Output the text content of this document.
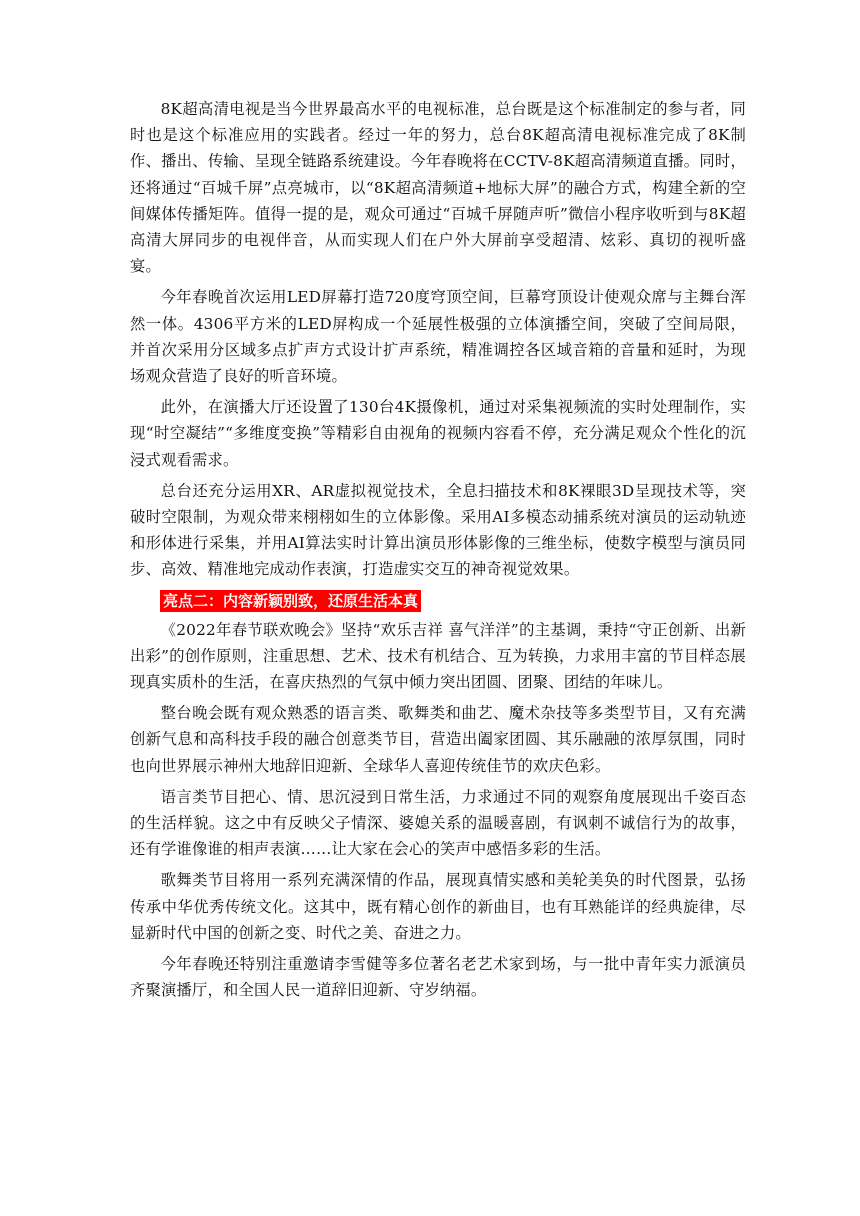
8K超高清电视是当今世界最高水平的电视标准，总台既是这个标准制定的参与者，同时也是这个标准应用的实践者。经过一年的努力，总台8K超高清电视标准完成了8K制作、播出、传输、呈现全链路系统建设。今年春晚将在CCTV-8K超高清频道直播。同时，还将通过“百城千屏”点亮城市，以“8K超高清频道+地标大屏”的融合方式，构建全新的空间媒体传播矩阵。值得一提的是，观众可通过“百城千屏随声听”微信小程序收听到与8K超高清大屏同步的电视伴音，从而实现人们在户外大屏前享受超清、炫彩、真切的视听盛宴。

今年春晚首次运用LED屏幕打造720度穹顶空间，巨幕穹顶设计使观众席与主舞台浑然一体。4306平方米的LED屏构成一个延展性极强的立体演播空间，突破了空间局限，并首次采用分区域多点扩声方式设计扩声系统，精准调控各区域音箱的音量和延时，为现场观众营造了良好的听音环境。

此外，在演播大厅还设置了130台4K摄像机，通过对采集视频流的实时处理制作，实现“时空凝结”“多维度变换”等精彩自由视角的视频内容看不停，充分满足观众个性化的沉浸式观看需求。

总台还充分运用XR、AR虚拟视觉技术，全息扫描技术和8K裸眼3D呈现技术等，突破时空限制，为观众带来栩栩如生的立体影像。采用AI多模态动捕系统对演员的运动轨迹和形体进行采集，并用AI算法实时计算出演员形体影像的三维坐标，使数字模型与演员同步、高效、精准地完成动作表演，打造虚实交互的神奇视觉效果。

亮点二：内容新颖别致，还原生活本真

《2022年春节联欢晚会》坚持“欢乐吉祥 喜气洋洋”的主基调，秉持“守正创新、出新出彩”的创作原则，注重思想、艺术、技术有机结合、互为转换，力求用丰富的节目样态展现真实质朴的生活，在喜庆热烈的气氛中倾力突出团圆、团聚、团结的年味儿。

整台晚会既有观众熟悉的语言类、歌舞类和曲艺、魔术杂技等多类型节目，又有充满创新气息和高科技手段的融合创意类节目，营造出阖家团圆、其乐融融的浓厚氛围，同时也向世界展示神州大地辞旧迎新、全球华人喜迎传统佳节的欢庆色彩。

语言类节目把心、情、思沉浸到日常生活，力求通过不同的观察角度展现出千姿百态的生活样貌。这之中有反映父子情深、婆媳关系的温暖喜剧，有讽刺不诚信行为的故事，还有学谁像谁的相声表演……让大家在会心的笑声中感悟多彩的生活。

歌舞类节目将用一系列充满深情的作品，展现真情实感和美轮美奂的时代图景，弘扬传承中华优秀传统文化。这其中，既有精心创作的新曲目，也有耳熟能详的经典旋律，尽显新时代中国的创新之变、时代之美、奋进之力。

今年春晚还特别注重邀请李雪健等多位著名老艺术家到场，与一批中青年实力派演员齐聚演播厅，和全国人民一道辞旧迎新、守岁纳福。
